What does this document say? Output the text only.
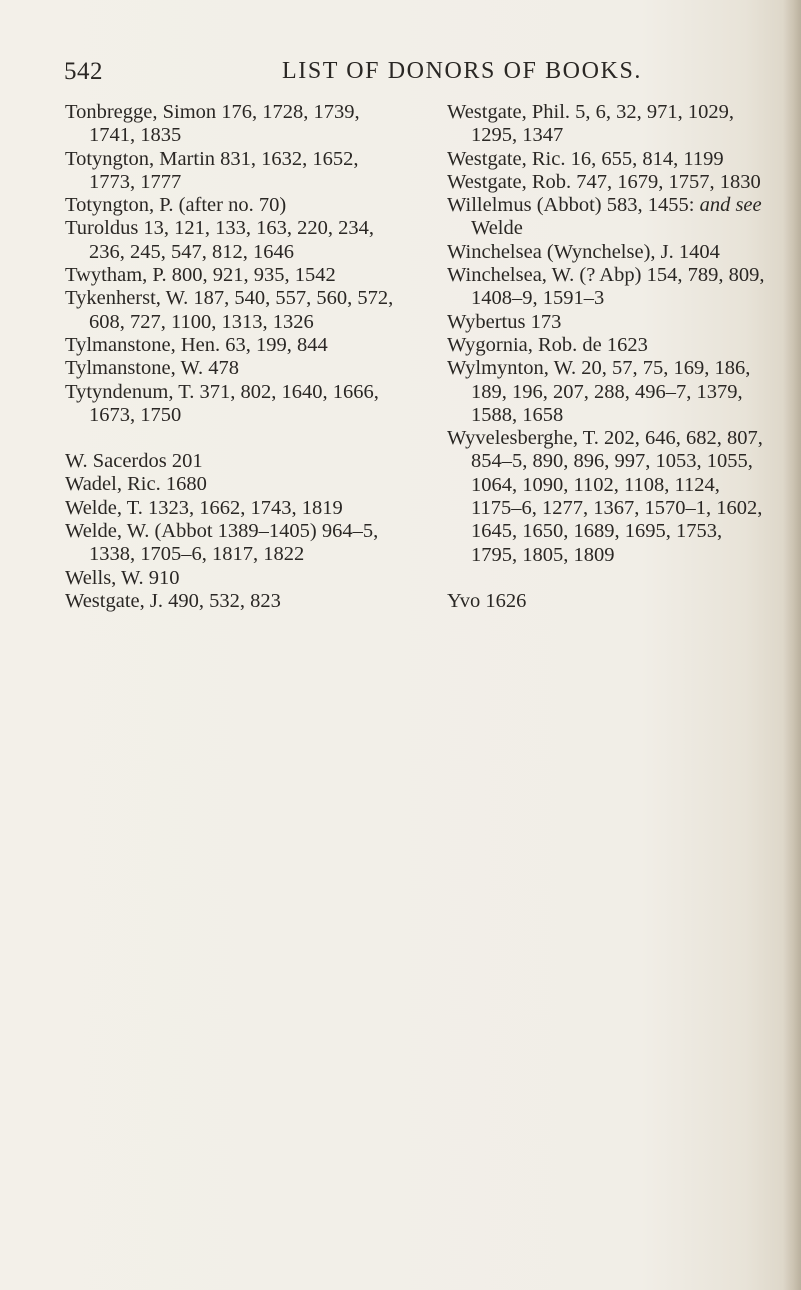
542	LIST OF DONORS OF BOOKS.
Tonbregge, Simon 176, 1728, 1739, 1741, 1835
Totyngton, Martin 831, 1632, 1652, 1773, 1777
Totyngton, P. (after no. 70)
Turoldus 13, 121, 133, 163, 220, 234, 236, 245, 547, 812, 1646
Twytham, P. 800, 921, 935, 1542
Tykenherst, W. 187, 540, 557, 560, 572, 608, 727, 1100, 1313, 1326
Tylmanstone, Hen. 63, 199, 844
Tylmanstone, W. 478
Tytyndenum, T. 371, 802, 1640, 1666, 1673, 1750
W. Sacerdos 201
Wadel, Ric. 1680
Welde, T. 1323, 1662, 1743, 1819
Welde, W. (Abbot 1389–1405) 964–5, 1338, 1705–6, 1817, 1822
Wells, W. 910
Westgate, J. 490, 532, 823
Westgate, Phil. 5, 6, 32, 971, 1029, 1295, 1347
Westgate, Ric. 16, 655, 814, 1199
Westgate, Rob. 747, 1679, 1757, 1830
Willelmus (Abbot) 583, 1455: and see Welde
Winchelsea (Wynchelse), J. 1404
Winchelsea, W. (? Abp) 154, 789, 809, 1408–9, 1591–3
Wybertus 173
Wygornia, Rob. de 1623
Wylmynton, W. 20, 57, 75, 169, 186, 189, 196, 207, 288, 496–7, 1379, 1588, 1658
Wyvelesberghe, T. 202, 646, 682, 807, 854–5, 890, 896, 997, 1053, 1055, 1064, 1090, 1102, 1108, 1124, 1175–6, 1277, 1367, 1570–1, 1602, 1645, 1650, 1689, 1695, 1753, 1795, 1805, 1809
Yvo 1626
